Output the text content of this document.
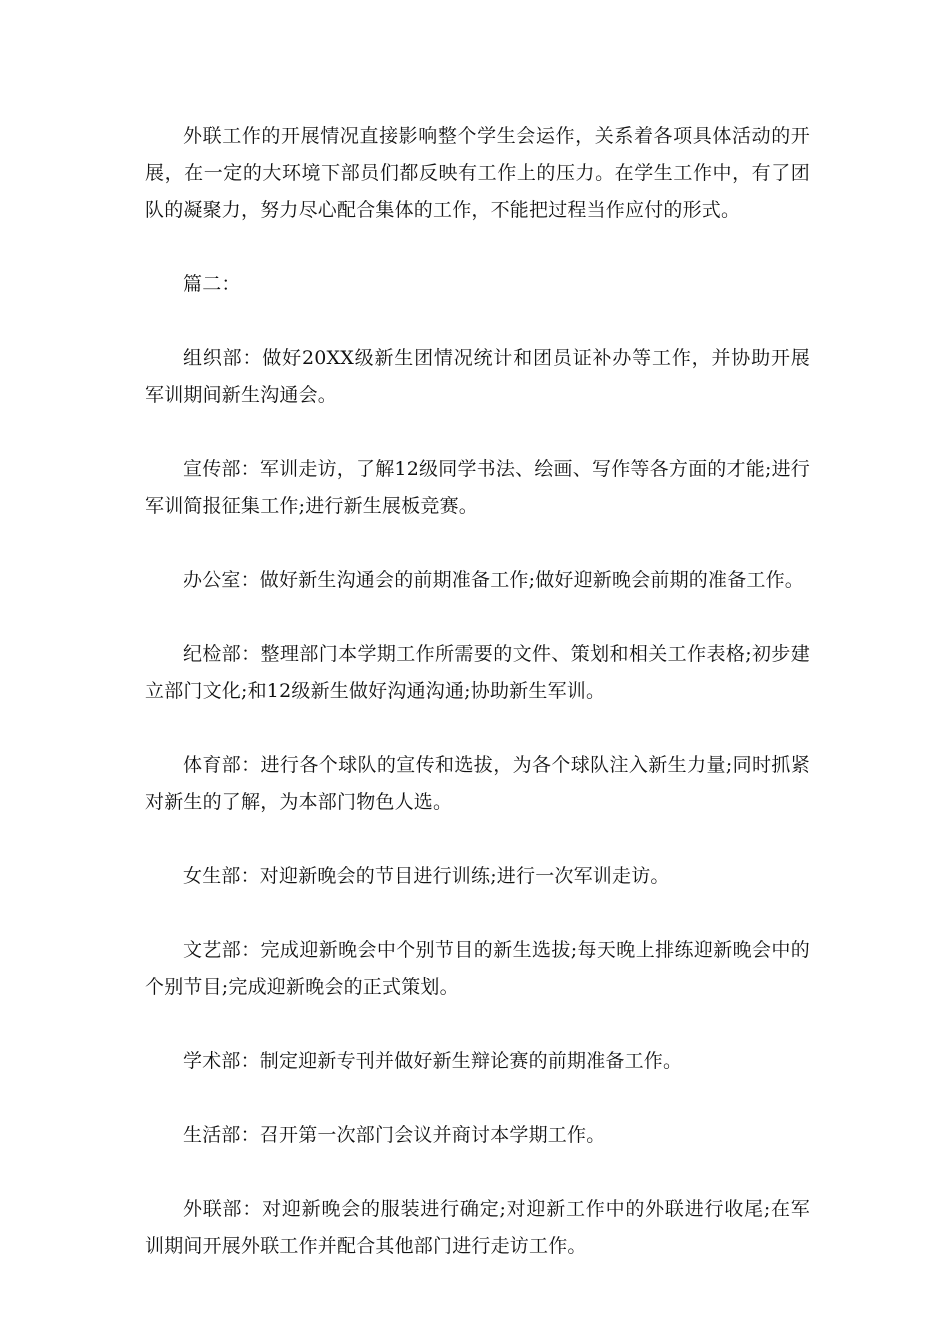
外联工作的开展情况直接影响整个学生会运作，关系着各项具体活动的开展，在一定的大环境下部员们都反映有工作上的压力。在学生工作中，有了团队的凝聚力，努力尽心配合集体的工作，不能把过程当作应付的形式。

篇二：

组织部：做好20XX级新生团情况统计和团员证补办等工作，并协助开展军训期间新生沟通会。

宣传部：军训走访，了解12级同学书法、绘画、写作等各方面的才能;进行军训简报征集工作;进行新生展板竞赛。

办公室：做好新生沟通会的前期准备工作;做好迎新晚会前期的准备工作。

纪检部：整理部门本学期工作所需要的文件、策划和相关工作表格;初步建立部门文化;和12级新生做好沟通沟通;协助新生军训。

体育部：进行各个球队的宣传和选拔，为各个球队注入新生力量;同时抓紧对新生的了解，为本部门物色人选。

女生部：对迎新晚会的节目进行训练;进行一次军训走访。

文艺部：完成迎新晚会中个别节目的新生选拔;每天晚上排练迎新晚会中的个别节目;完成迎新晚会的正式策划。

学术部：制定迎新专刊并做好新生辩论赛的前期准备工作。

生活部：召开第一次部门会议并商讨本学期工作。

外联部：对迎新晚会的服装进行确定;对迎新工作中的外联进行收尾;在军训期间开展外联工作并配合其他部门进行走访工作。
